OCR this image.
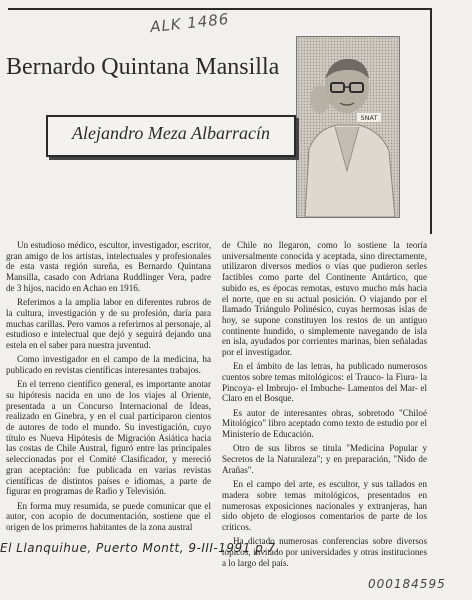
ALK 1486
Bernardo Quintana Mansilla
SNAT
Alejandro Meza Albarracín

Un estudioso médico, escultor, investigador, escritor, gran amigo de los artistas, intelectuales y profesionales de esta vasta región sureña, es Bernardo Quintana Mansilla, casado con Adriana Ruddlinger Vera, padre de 3 hijos, nacido en Achao en 1916.

Referimos a la amplia labor en diferentes rubros de la cultura, investigación y de su profesión, daría para muchas carillas. Pero vamos a referirnos al personaje, al estudioso e intelectual que dejó y seguirá dejando una estela en el saber para nuestra juventud.

Como investigador en el campo de la medicina, ha publicado en revistas científicas interesantes trabajos.

En el terreno científico general, es importante anotar su hipótesis nacida en uno de los viajes al Oriente, presentada a un Concurso Internacional de Ideas, realizado en Ginebra, y en el cual participaron cientos de autores de todo el mundo. Su investigación, cuyo título es Nueva Hipótesis de Migración Asiática hacia las costas de Chile Austral, figuró entre las principales seleccionadas por el Comité Clasificador, y mereció gran aceptación: fue publicada en varias revistas científicas de distintos países e idiomas, a parte de figurar en programas de Radio y Televisión.

En forma muy resumida, se puede comunicar que el autor, con acopio de documentación, sostiene que el origen de los primeros habitantes de la zona austral

de Chile no llegaron, como lo sostiene la teoría universalmente conocida y aceptada, sino directamente, utilizaron diversos medios o vías que pudieron serles factibles como parte del Continente Antártico, que subido es, es épocas remotas, estuvo mucho más hacia el norte, que en su actual posición. O viajando por el llamado Triángulo Polinésico, cuyas hermosas islas de hoy, se supone constituyen los restos de un antiguo continente hundido, o simplemente navegando de isla en isla, ayudados por corrientes marinas, bien señaladas por el investigador.

En el ámbito de las letras, ha publicado numerosos cuentos sobre temas mitológicos: el Trauco- la Fiura- la Pincoya- el Imbrujo- el Imbuche- Lamentos del Mar- el Claro en el Bosque.

Es autor de interesantes obras, sobretodo "Chiloé Mitológico" libro aceptado como texto de estudio por el Ministerio de Educación.

Otro de sus libros se titula "Medicina Popular y Secretos de la Naturaleza"; y en preparación, "Nido de Arañas".

En el campo del arte, es escultor, y sus tallados en madera sobre temas mitológicos, presentados en numerosas exposiciones nacionales y extranjeras, han sido objeto de elogiosos comentarios de parte de los críticos.

Ha dictado numerosas conferencias sobre diversos tópicos, invitado por universidades y otras instituciones a lo largo del país.

El Llanquihue, Puerto Montt, 9-III-1991 p.7.
000184595
